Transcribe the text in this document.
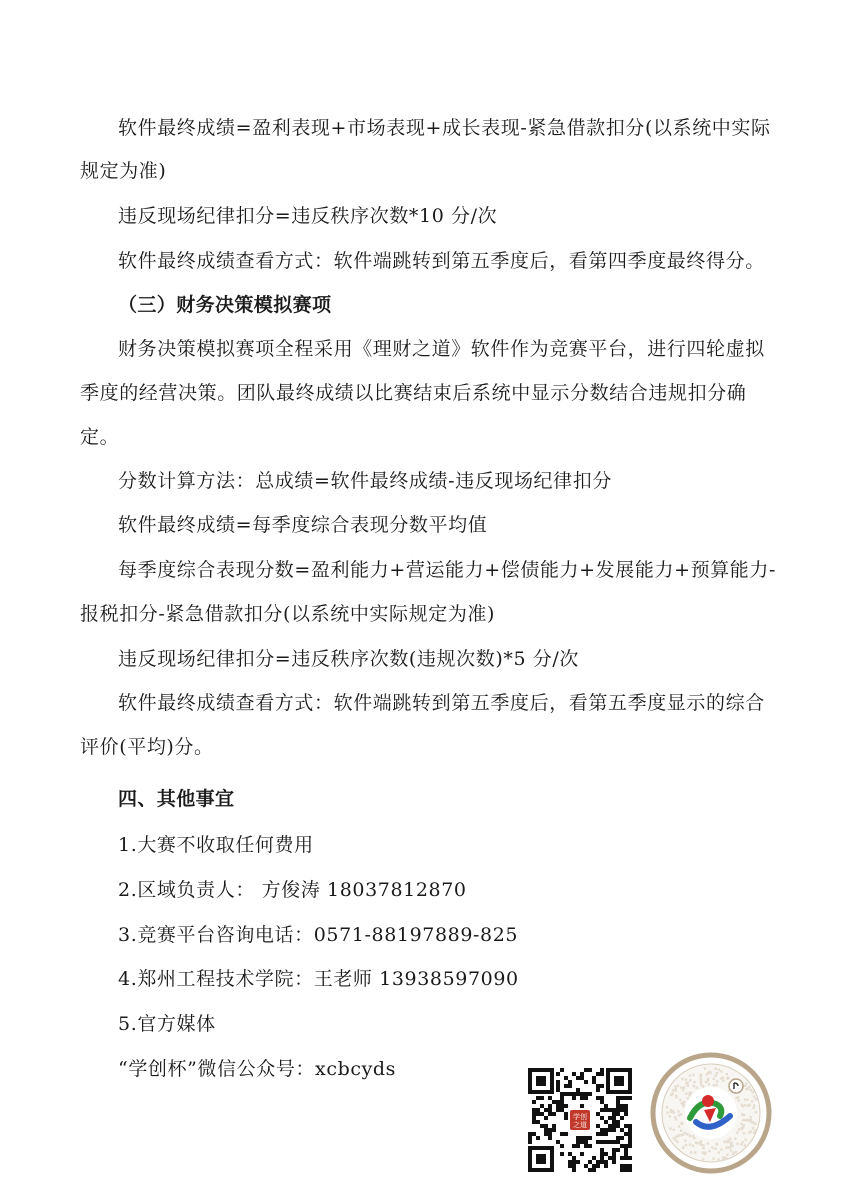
软件最终成绩=盈利表现+市场表现+成长表现-紧急借款扣分(以系统中实际
规定为准)
违反现场纪律扣分=违反秩序次数*10 分/次
软件最终成绩查看方式：软件端跳转到第五季度后，看第四季度最终得分。
（三）财务决策模拟赛项
财务决策模拟赛项全程采用《理财之道》软件作为竞赛平台，进行四轮虚拟
季度的经营决策。团队最终成绩以比赛结束后系统中显示分数结合违规扣分确
定。
分数计算方法：总成绩=软件最终成绩-违反现场纪律扣分
软件最终成绩=每季度综合表现分数平均值
每季度综合表现分数=盈利能力+营运能力+偿债能力+发展能力+预算能力-
报税扣分-紧急借款扣分(以系统中实际规定为准)
违反现场纪律扣分=违反秩序次数(违规次数)*5 分/次
软件最终成绩查看方式：软件端跳转到第五季度后，看第五季度显示的综合
评价(平均)分。
四、其他事宜
1.大赛不收取任何费用
2.区域负责人： 方俊涛 18037812870
3.竞赛平台咨询电话：0571-88197889-825
4.郑州工程技术学院：王老师 13938597090
5.官方媒体
“学创杯”微信公众号：xcbcyds
学创
之道
